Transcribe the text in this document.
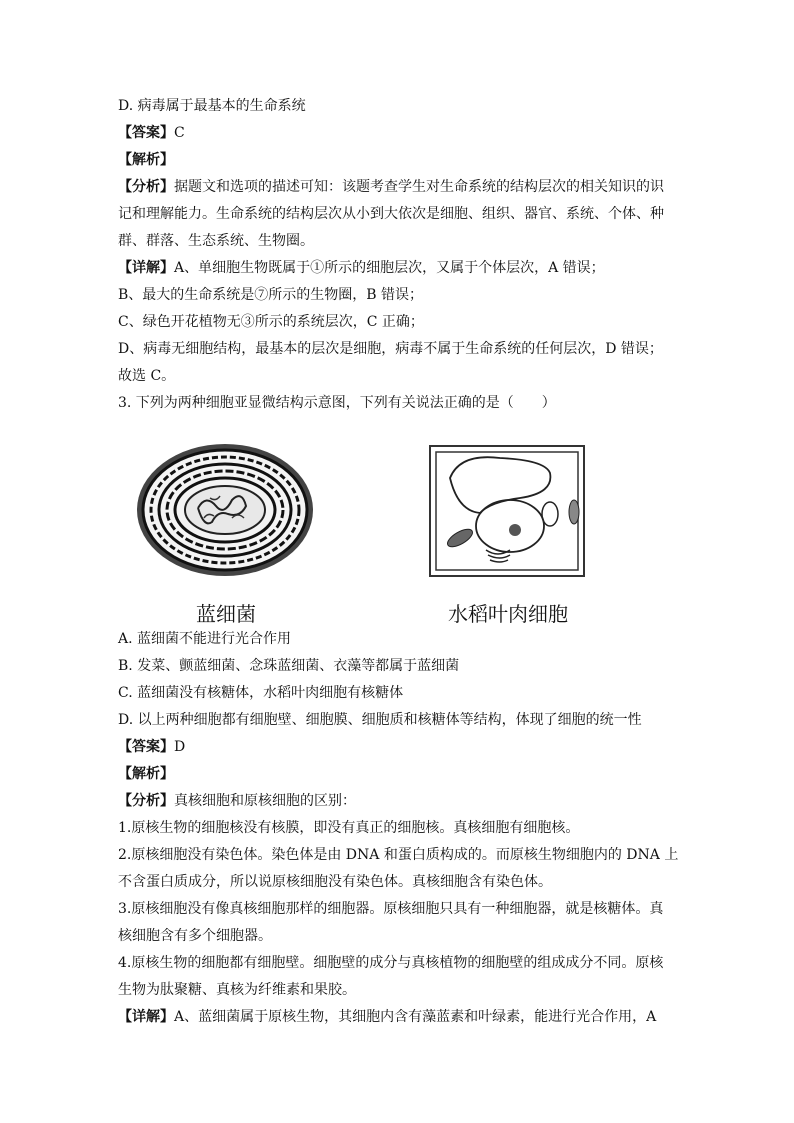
D. 病毒属于最基本的生命系统
【答案】C
【解析】
【分析】据题文和选项的描述可知：该题考查学生对生命系统的结构层次的相关知识的识
记和理解能力。生命系统的结构层次从小到大依次是细胞、组织、器官、系统、个体、种
群、群落、生态系统、生物圈。
【详解】A、单细胞生物既属于①所示的细胞层次，又属于个体层次，A 错误；
B、最大的生命系统是⑦所示的生物圈，B 错误；
C、绿色开花植物无③所示的系统层次，C 正确；
D、病毒无细胞结构，最基本的层次是细胞，病毒不属于生命系统的任何层次，D 错误；
故选 C。
3. 下列为两种细胞亚显微结构示意图，下列有关说法正确的是（　　）
蓝细菌	水稻叶肉细胞
A. 蓝细菌不能进行光合作用
B. 发菜、颤蓝细菌、念珠蓝细菌、衣藻等都属于蓝细菌
C. 蓝细菌没有核糖体，水稻叶肉细胞有核糖体
D. 以上两种细胞都有细胞壁、细胞膜、细胞质和核糖体等结构，体现了细胞的统一性
【答案】D
【解析】
【分析】真核细胞和原核细胞的区别：
1.原核生物的细胞核没有核膜，即没有真正的细胞核。真核细胞有细胞核。
2.原核细胞没有染色体。染色体是由 DNA 和蛋白质构成的。而原核生物细胞内的 DNA 上
不含蛋白质成分，所以说原核细胞没有染色体。真核细胞含有染色体。
3.原核细胞没有像真核细胞那样的细胞器。原核细胞只具有一种细胞器，就是核糖体。真
核细胞含有多个细胞器。
4.原核生物的细胞都有细胞壁。细胞壁的成分与真核植物的细胞壁的组成成分不同。原核
生物为肽聚糖、真核为纤维素和果胶。
【详解】A、蓝细菌属于原核生物，其细胞内含有藻蓝素和叶绿素，能进行光合作用，A
